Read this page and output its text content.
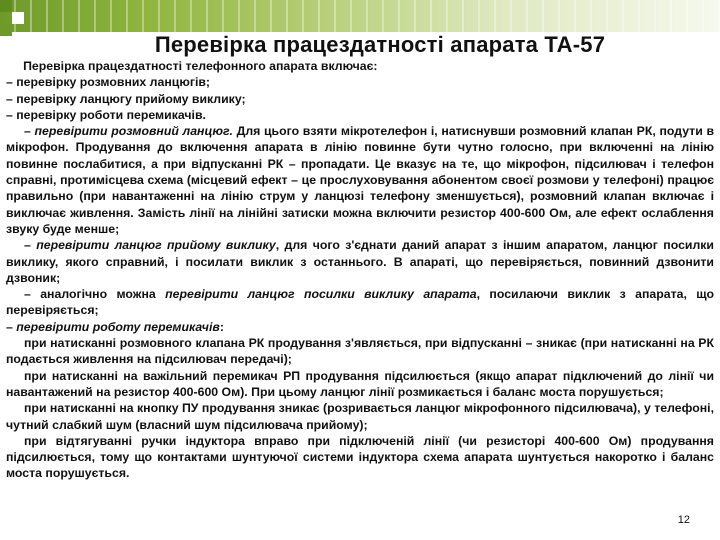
Перевірка працездатності апарата ТА-57

Перевірка працездатності телефонного апарата включає:

– перевірку розмовних ланцюгів;

– перевірку ланцюгу прийому виклику;

– перевірку роботи перемикачів.

– перевірити розмовний ланцюг. Для цього взяти мікротелефон і, натиснувши розмовний клапан РК, подути в мікрофон. Продування до включення апарата в лінію повинне бути чутно голосно, при включенні на лінію повинне послабитися, а при відпусканні РК – пропадати. Це вказує на те, що мікрофон, підсилювач і телефон справні, протимісцева схема (місцевий ефект – це прослуховування абонентом своєї розмови у телефоні) працює правильно (при навантаженні на лінію струм у ланцюзі телефону зменшується), розмовний клапан включає і виключає живлення. Замість лінії на лінійні затиски можна включити резистор 400-600 Ом, але ефект ослаблення звуку буде менше;

– перевірити ланцюг прийому виклику, для чого з'єднати даний апарат з іншим апаратом, ланцюг посилки виклику, якого справний, і посилати виклик з останнього. В апараті, що перевіряється, повинний дзвонити дзвоник;

– аналогічно можна перевірити ланцюг посилки виклику апарата, посилаючи виклик з апарата, що перевіряється;

– перевірити роботу перемикачів:

при натисканні розмовного клапана РК продування з'являється, при відпусканні – зникає (при натисканні на РК подається живлення на підсилювач передачі);

при натисканні на важільний перемикач РП продування підсилюється (якщо апарат підключений до лінії чи навантажений на резистор 400-600 Ом). При цьому ланцюг лінії розмикається і баланс моста порушується;

при натисканні на кнопку ПУ продування зникає (розривається ланцюг мікрофонного підсилювача), у телефоні, чутний слабкий шум (власний шум підсилювача прийому);

при відтягуванні ручки індуктора вправо при підключеній лінії (чи резисторі 400-600 Ом) продування підсилюється, тому що контактами шунтуючої системи індуктора схема апарата шунтується накоротко і баланс моста порушується.

12
